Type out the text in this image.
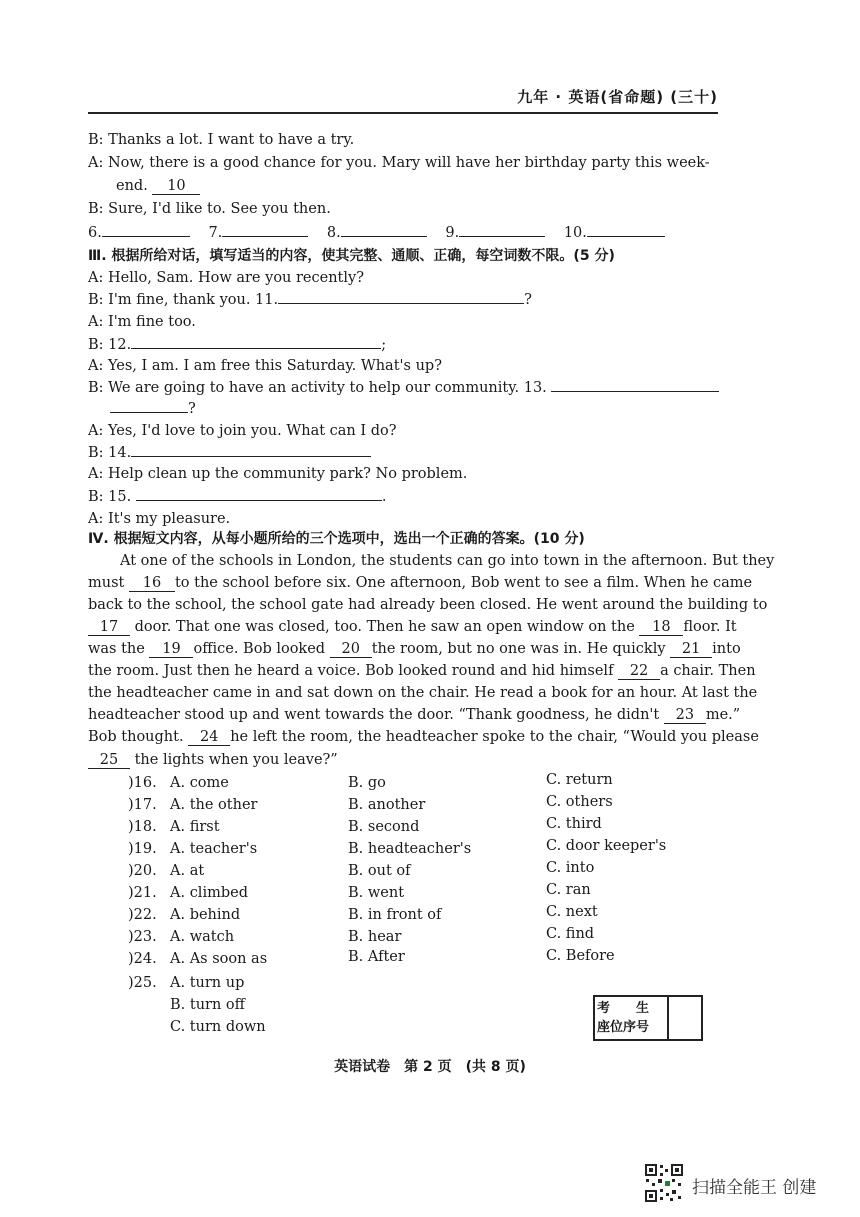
九年 · 英语(省命题) (三十)
B: Thanks a lot. I want to have a try.
A: Now, there is a good chance for you. Mary will have her birthday party this week-
end. 10
B: Sure, I'd like to. See you then.
6.	7.	8.	9.	10.
Ⅲ. 根据所给对话，填写适当的内容，使其完整、通顺、正确，每空词数不限。(5 分)
A: Hello, Sam. How are you recently?
B: I'm fine, thank you. 11.	?
A: I'm fine too.
B: 12.	;
A: Yes, I am. I am free this Saturday. What's up?
B: We are going to have an activity to help our community. 13.
?
A: Yes, I'd love to join you. What can I do?
B: 14.
A: Help clean up the community park? No problem.
B: 15.	.
A: It's my pleasure.
Ⅳ. 根据短文内容，从每小题所给的三个选项中，选出一个正确的答案。(10 分)
At one of the schools in London, the students can go into town in the afternoon. But they
must 16 to the school before six. One afternoon, Bob went to see a film. When he came
back to the school, the school gate had already been closed. He went around the building to
17 door. That one was closed, too. Then he saw an open window on the 18 floor. It
was the 19 office. Bob looked 20 the room, but no one was in. He quickly 21 into
the room. Just then he heard a voice. Bob looked round and hid himself 22 a chair. Then
the headteacher came in and sat down on the chair. He read a book for an hour. At last the
headteacher stood up and went towards the door. “Thank goodness, he didn't 23 me.”
Bob thought. 24 he left the room, the headteacher spoke to the chair, “Would you please
25 the lights when you leave?”
)16. A. come	B. go	C. return
)17. A. the other	B. another	C. others
)18. A. first	B. second	C. third
)19. A. teacher's	B. headteacher's	C. door keeper's
)20. A. at	B. out of	C. into
)21. A. climbed	B. went	C. ran
)22. A. behind	B. in front of	C. next
)23. A. watch	B. hear	C. find
)24. A. As soon as	B. After	C. Before
)25. A. turn up
B. turn off
C. turn down
考　　生
座位序号
英语试卷　第 2 页　(共 8 页)
扫描全能王 创建
